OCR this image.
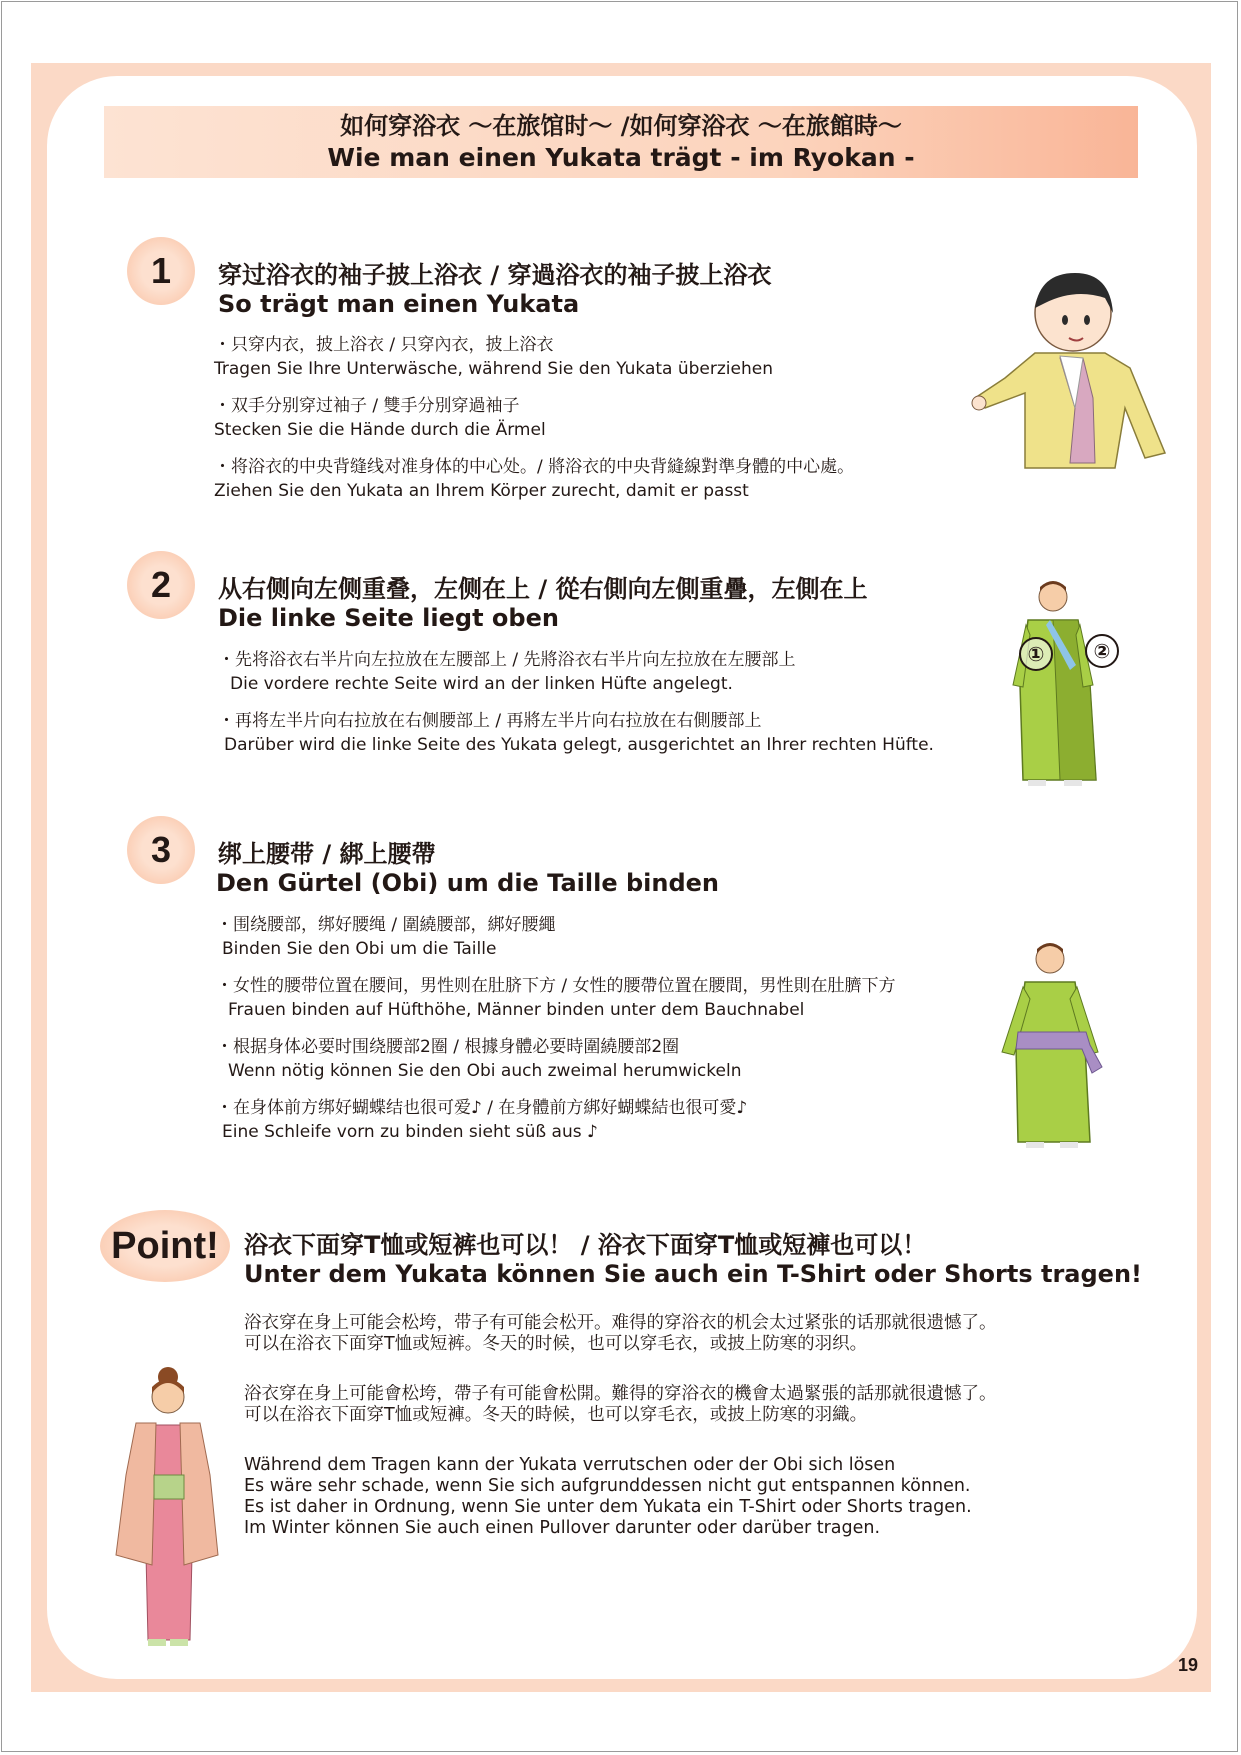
如何穿浴衣 ～在旅馆时～ /如何穿浴衣 ～在旅館時～
Wie man einen Yukata trägt - im Ryokan -
1	穿过浴衣的袖子披上浴衣 / 穿過浴衣的袖子披上浴衣
So trägt man einen Yukata
・只穿内衣，披上浴衣 / 只穿內衣，披上浴衣
Tragen Sie Ihre Unterwäsche, während Sie den Yukata überziehen
・双手分别穿过袖子 / 雙手分別穿過袖子
Stecken Sie die Hände durch die Ärmel
・将浴衣的中央背缝线对准身体的中心处。/ 將浴衣的中央背縫線對準身體的中心處。
Ziehen Sie den Yukata an Ihrem Körper zurecht, damit er passt
2	从右侧向左侧重叠，左侧在上 / 從右側向左側重疊，左側在上
Die linke Seite liegt oben
・先将浴衣右半片向左拉放在左腰部上 / 先將浴衣右半片向左拉放在左腰部上
Die vordere rechte Seite wird an der linken Hüfte angelegt.
・再将左半片向右拉放在右侧腰部上 / 再將左半片向右拉放在右側腰部上
Darüber wird die linke Seite des Yukata gelegt, ausgerichtet an Ihrer rechten Hüfte.
①	②
3	绑上腰带 / 綁上腰帶
Den Gürtel (Obi) um die Taille binden
・围绕腰部，绑好腰绳 / 圍繞腰部，綁好腰繩
Binden Sie den Obi um die Taille
・女性的腰带位置在腰间，男性则在肚脐下方 / 女性的腰帶位置在腰間，男性則在肚臍下方
Frauen binden auf Hüfthöhe, Männer binden unter dem Bauchnabel
・根据身体必要时围绕腰部2圈 / 根據身體必要時圍繞腰部2圈
Wenn nötig können Sie den Obi auch zweimal herumwickeln
・在身体前方绑好蝴蝶结也很可爱♪ / 在身體前方綁好蝴蝶結也很可愛♪
Eine Schleife vorn zu binden sieht süß aus ♪
Point!	浴衣下面穿T恤或短裤也可以！ / 浴衣下面穿T恤或短褲也可以！
Unter dem Yukata können Sie auch ein T-Shirt oder Shorts tragen!
浴衣穿在身上可能会松垮，带子有可能会松开。难得的穿浴衣的机会太过紧张的话那就很遗憾了。
可以在浴衣下面穿T恤或短裤。冬天的时候，也可以穿毛衣，或披上防寒的羽织。
浴衣穿在身上可能會松垮，帶子有可能會松開。難得的穿浴衣的機會太過緊張的話那就很遺憾了。
可以在浴衣下面穿T恤或短褲。冬天的時候，也可以穿毛衣，或披上防寒的羽織。
Während dem Tragen kann der Yukata verrutschen oder der Obi sich lösen
Es wäre sehr schade, wenn Sie sich aufgrunddessen nicht gut entspannen können.
Es ist daher in Ordnung, wenn Sie unter dem Yukata ein T-Shirt oder Shorts tragen.
Im Winter können Sie auch einen Pullover darunter oder darüber tragen.
19
